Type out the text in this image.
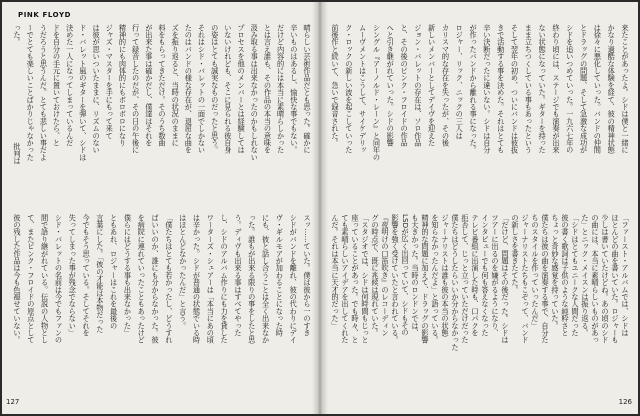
PINK FLOYD
晴らしい芸術作品だとも思った。確かに
辛いものはあるし、愉快な事でもない。
だけど内容的には本当に素晴らしかった
とは言え誰も、その作品の本当の意味を
汲み取る事は出来なかったのかもしれない
プロセスを他のメンバーとは経験しては
いないけれども、そこに見られる彼自身
の姿はとても誠実なものだったと思う。
それはシド・バレットの一面でしかない
たのはバンドの様な存在が、退屈な曲を
ズを振り返ると、当時の状況のままに
料をもらってきただけ。そのうち数曲
が出来た事は確かだし、僕達はそれを
行って録音したのだが、その日の午後に
精神的にも肉体的にもボロボロになり
ジャズ・マスターを手にもって来て
は彼が思いついたままに、リズムのない
ド・バレット風のギターを弾いて、シドは
決めた一人になってしまっているんだ
ドを自分の手元に置いておけたら、と
うだろうと思うんだ。とても悲しい事だよ
ーでとても楽しいことばかりじゃなかった
った。　　　　　　　　　　　　　　批判は
スッ……ていた。僕は彼から一のすき
シドがバンドを離れ、彼の代わりにデイ
ヴ・ギルモアが加わることになった時
にも、彼と話し合うことは全く出来なか
った。誰もが出来る限りの事をしたと思
う。ディヴも出来る事はすべてやった
し、シドのアルバム作りにも力を貸した
ワーターズ・シェアーは「本当にあの頃
は辛かった。シドが普通の状態でいる時
はほとんどなかったんだ」と言う。
「僕たちはとても若かったし、どうすれ
ばいいのか、誰にも分からなかった。彼
を病院に連れていったこともあったけど
僕らにはどうする事も出来なかった」
ともあれ、ロジャーはこれを最後の
言葉にした。「彼の才能は本物だった
今でもそう思っている。そしてそれを
失ってしまった事が残念でならない」
シド・バレットの名前は今でもファンの
間で語り継がれている。伝説の人物とし
て、またピンク・フロイドの原点として
彼の残した作品は今も色褪せていない。
127
来たことがあったよ。シドは僕と一緒に
かなり過酷な体験を経て、彼の精神状態
は徐々に悪化していった。バンドの仲間
とドラッグの問題、そして急激な成功が
シドを追いつめていった。一九六七年の
終わり頃には、ステージでも演奏が出来
ない状態になっていた。ギターを持った
まま立ちつくしている事もあったという
そして翌年の初め、ついにバンドは彼抜
きで活動する事を決めた。それはとても
辛い決断だったに違いない。シドは自分
が作ったバンドから離れる事になった。
ロジャー、リック、ニックの三人は
カリスマ的な存在を失ったが、その後
新しいメンバーとしてデイヴを迎えた
ジョン・バレットの存在は、ソロ作品
と、その後のピンク・フロイドの作品
へと引き継がれていった。シドの影響
シングル『アーノルド・レーン』と同年の
ムーヴメントはこうして、サイケデリッ
ク・ロックの新しい波を起こしていった
前後作と続いて、急いで録音された。
「ファースト・アルバムでは、シドは
ほとんどの曲を書いていた。ロジャーも
少しは書いていたけどね。あの頃のシド
の曲には、本当に素晴らしいものがあっ
た」とニック・メイスンは振り返る。
「シドはとてもユニークな人間だった
彼の書く歌詞は子供のような純粋さと
ちょっと奇妙な感覚を持っていた。
僕たちは彼の曲を演奏する事で、自分た
ちのスタイルを作っていったんだ」
ジャーナリストたちもこぞって、バンド
の新しさを書きたてた。
「だけど、問題はその後だった。シドは
ツアーに出るのを嫌がるようになり、
インタビューでも何も答えなくなった
テレビ番組に出演した時も、口パクを
拒否して、じっと立っていただけだった
僕たちはどうしたらいいか分からなかった
ジャーナリストは誰も彼の本当の状態
を知らなかったんだよ」と語っている。
精神的な問題に加えて、ドラッグの影響
も大きかった。当時のロンドンでは、
LSDが広く出回っていて、シドもその
影響を強く受けていたと言われている。
『夜明けの口笛吹き』のレコーディン
グの時点で、既に兆候は現れていた。
「スタジオでは、シドは何時間もじっと
座っていることがあった。でも時々、と
ても素晴らしいアイデアを出してくれた
んだ。それは本当に天才的だった」
126
